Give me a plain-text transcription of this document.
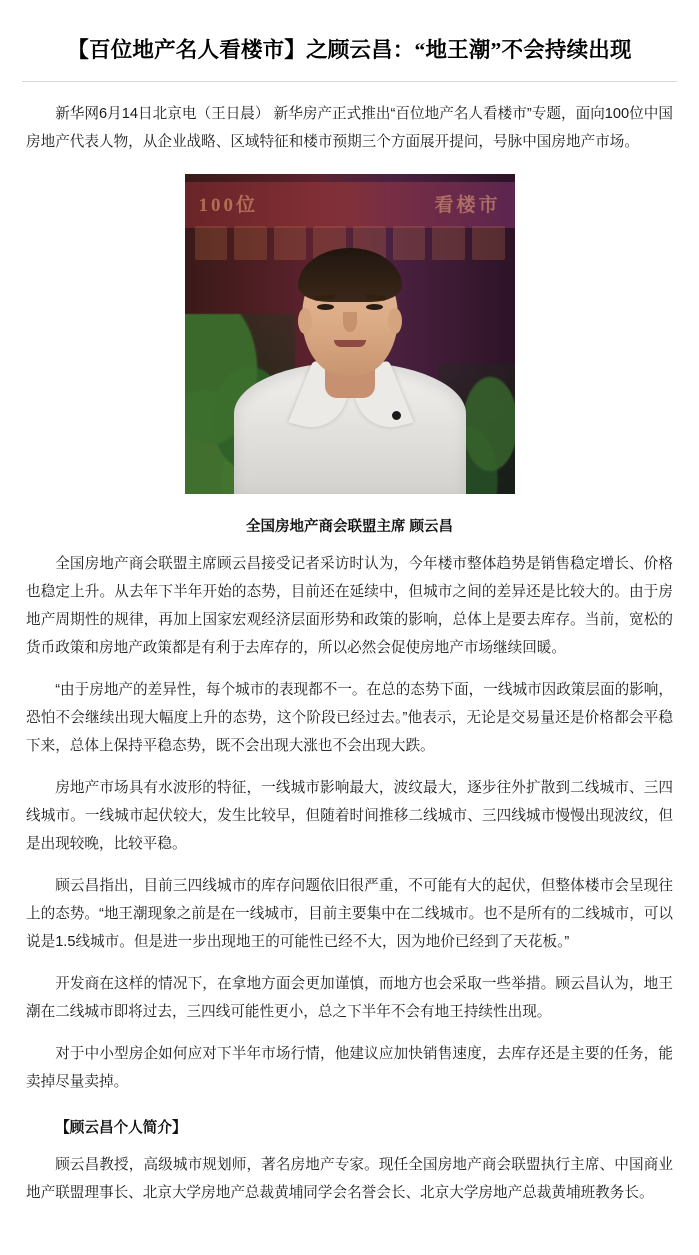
【百位地产名人看楼市】之顾云昌：“地王潮”不会持续出现

新华网6月14日北京电（王日晨） 新华房产正式推出“百位地产名人看楼市”专题，面向100位中国房地产代表人物，从企业战略、区域特征和楼市预期三个方面展开提问，号脉中国房地产市场。

100位	看楼市
全国房地产商会联盟主席 顾云昌

全国房地产商会联盟主席顾云昌接受记者采访时认为，今年楼市整体趋势是销售稳定增长、价格也稳定上升。从去年下半年开始的态势，目前还在延续中，但城市之间的差异还是比较大的。由于房地产周期性的规律，再加上国家宏观经济层面形势和政策的影响，总体上是要去库存。当前，宽松的货币政策和房地产政策都是有利于去库存的，所以必然会促使房地产市场继续回暖。

“由于房地产的差异性，每个城市的表现都不一。在总的态势下面，一线城市因政策层面的影响，恐怕不会继续出现大幅度上升的态势，这个阶段已经过去。”他表示，无论是交易量还是价格都会平稳下来，总体上保持平稳态势，既不会出现大涨也不会出现大跌。

房地产市场具有水波形的特征，一线城市影响最大，波纹最大，逐步往外扩散到二线城市、三四线城市。一线城市起伏较大，发生比较早，但随着时间推移二线城市、三四线城市慢慢出现波纹，但是出现较晚，比较平稳。

顾云昌指出，目前三四线城市的库存问题依旧很严重，不可能有大的起伏，但整体楼市会呈现往上的态势。“地王潮现象之前是在一线城市，目前主要集中在二线城市。也不是所有的二线城市，可以说是1.5线城市。但是进一步出现地王的可能性已经不大，因为地价已经到了天花板。”

开发商在这样的情况下，在拿地方面会更加谨慎，而地方也会采取一些举措。顾云昌认为，地王潮在二线城市即将过去，三四线可能性更小，总之下半年不会有地王持续性出现。

对于中小型房企如何应对下半年市场行情，他建议应加快销售速度，去库存还是主要的任务，能卖掉尽量卖掉。

【顾云昌个人简介】

顾云昌教授，高级城市规划师，著名房地产专家。现任全国房地产商会联盟执行主席、中国商业地产联盟理事长、北京大学房地产总裁黄埔同学会名誉会长、北京大学房地产总裁黄埔班教务长。
